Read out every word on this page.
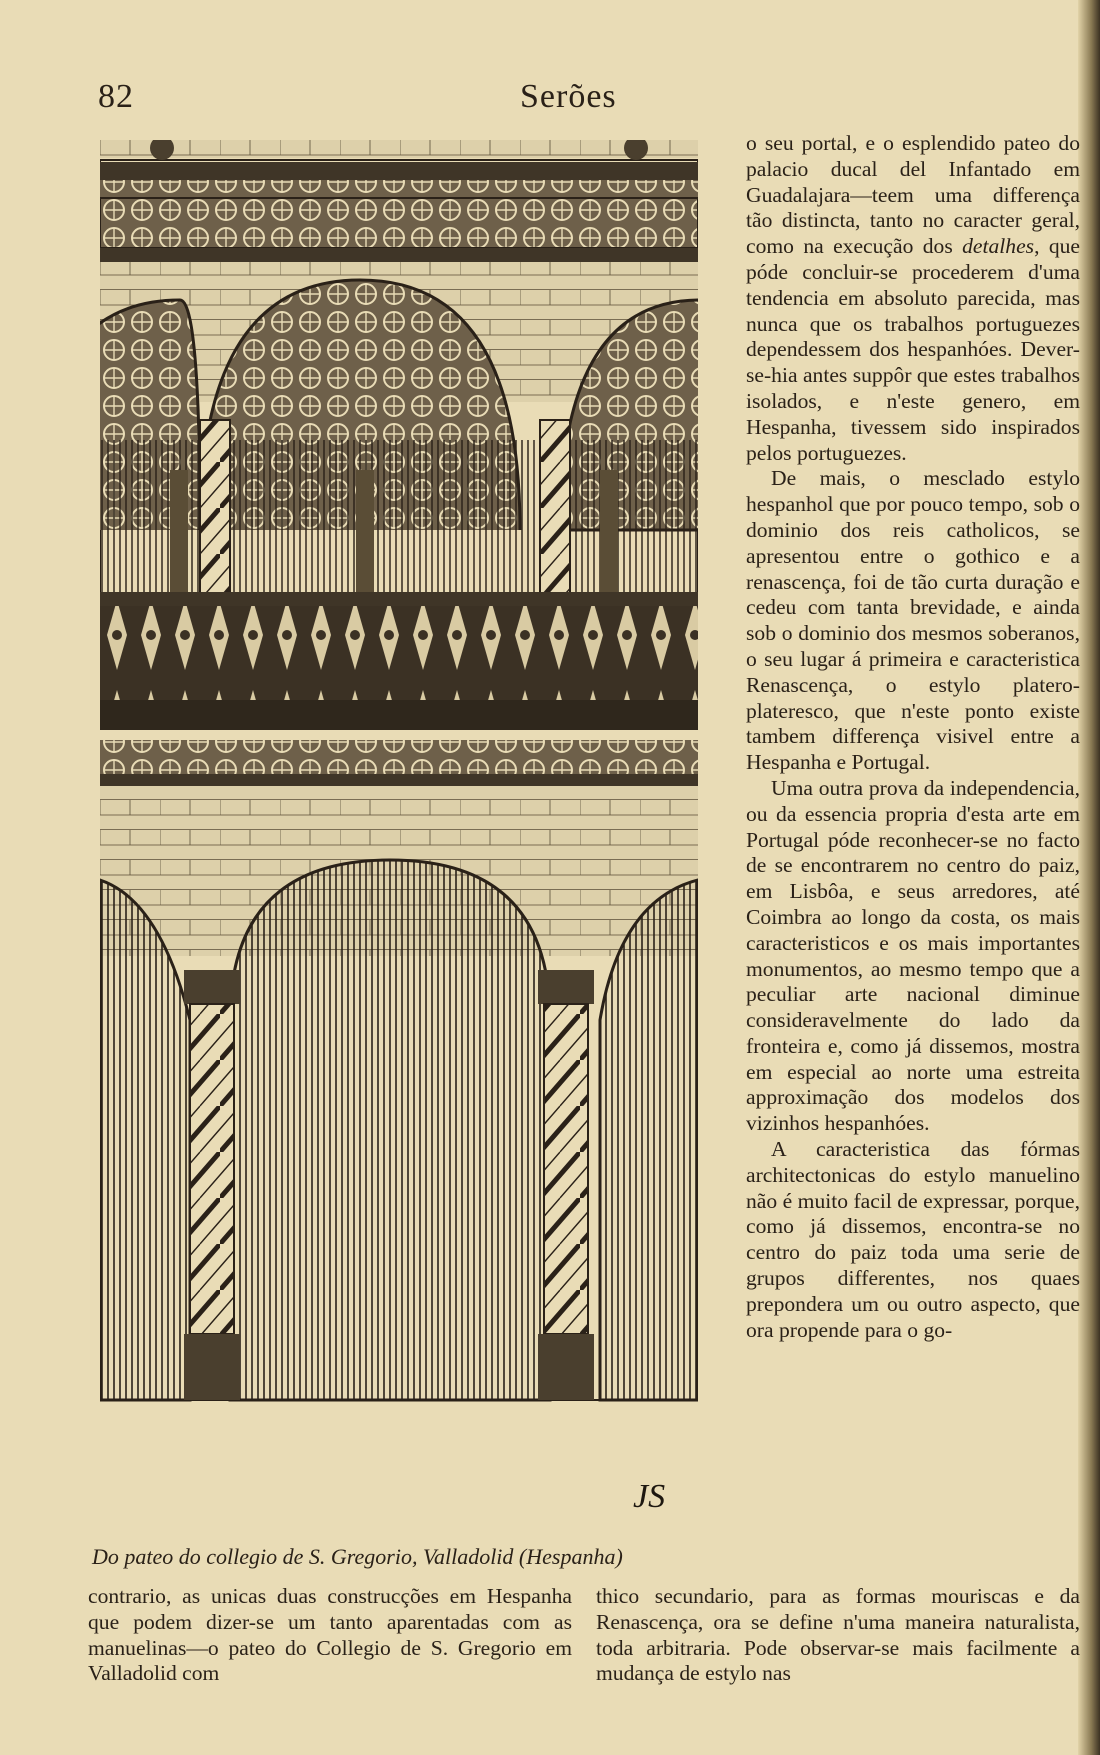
82	Serões
JS
Do pateo do collegio de S. Gregorio, Valladolid (Hespanha)

o seu portal, e o esplendido pateo do palacio ducal del Infantado em Guadalajara—teem uma differença tão distincta, tanto no caracter geral, como na execução dos detalhes, que póde concluir-se procederem d'uma tendencia em absoluto parecida, mas nunca que os trabalhos portuguezes dependessem dos hespanhóes. Dever-se-hia antes suppôr que estes trabalhos isolados, e n'este genero, em Hespanha, tivessem sido inspirados pelos portuguezes.

De mais, o mesclado estylo hespanhol que por pouco tempo, sob o dominio dos reis catholicos, se apresentou entre o gothico e a renascença, foi de tão curta duração e cedeu com tanta brevidade, e ainda sob o dominio dos mesmos soberanos, o seu lugar á primeira e caracteristica Renascença, o estylo platero-plateresco, que n'este ponto existe tambem differença visivel entre a Hespanha e Portugal.

Uma outra prova da independencia, ou da essencia propria d'esta arte em Portugal póde reconhecer-se no facto de se encontrarem no centro do paiz, em Lisbôa, e seus arredores, até Coimbra ao longo da costa, os mais caracteristicos e os mais importantes monumentos, ao mesmo tempo que a peculiar arte nacional diminue consideravelmente do lado da fronteira e, como já dissemos, mostra em especial ao norte uma estreita approximação dos modelos dos vizinhos hespanhóes.

A caracteristica das fórmas architectonicas do estylo manuelino não é muito facil de expressar, porque, como já dissemos, encontra-se no centro do paiz toda uma serie de grupos differentes, nos quaes preponderа um ou outro aspecto, que ora propende para o go-

contrario, as unicas duas construcções em Hespanha que podem dizer-se um tanto aparentadas com as manuelinas—o pateo do Collegio de S. Gregorio em Valladolid com
thico secundario, para as formas mouriscas e da Renascença, ora se define n'uma maneira naturalista, toda arbitraria. Pode observar-se mais facilmente a mudança de estylo nas
